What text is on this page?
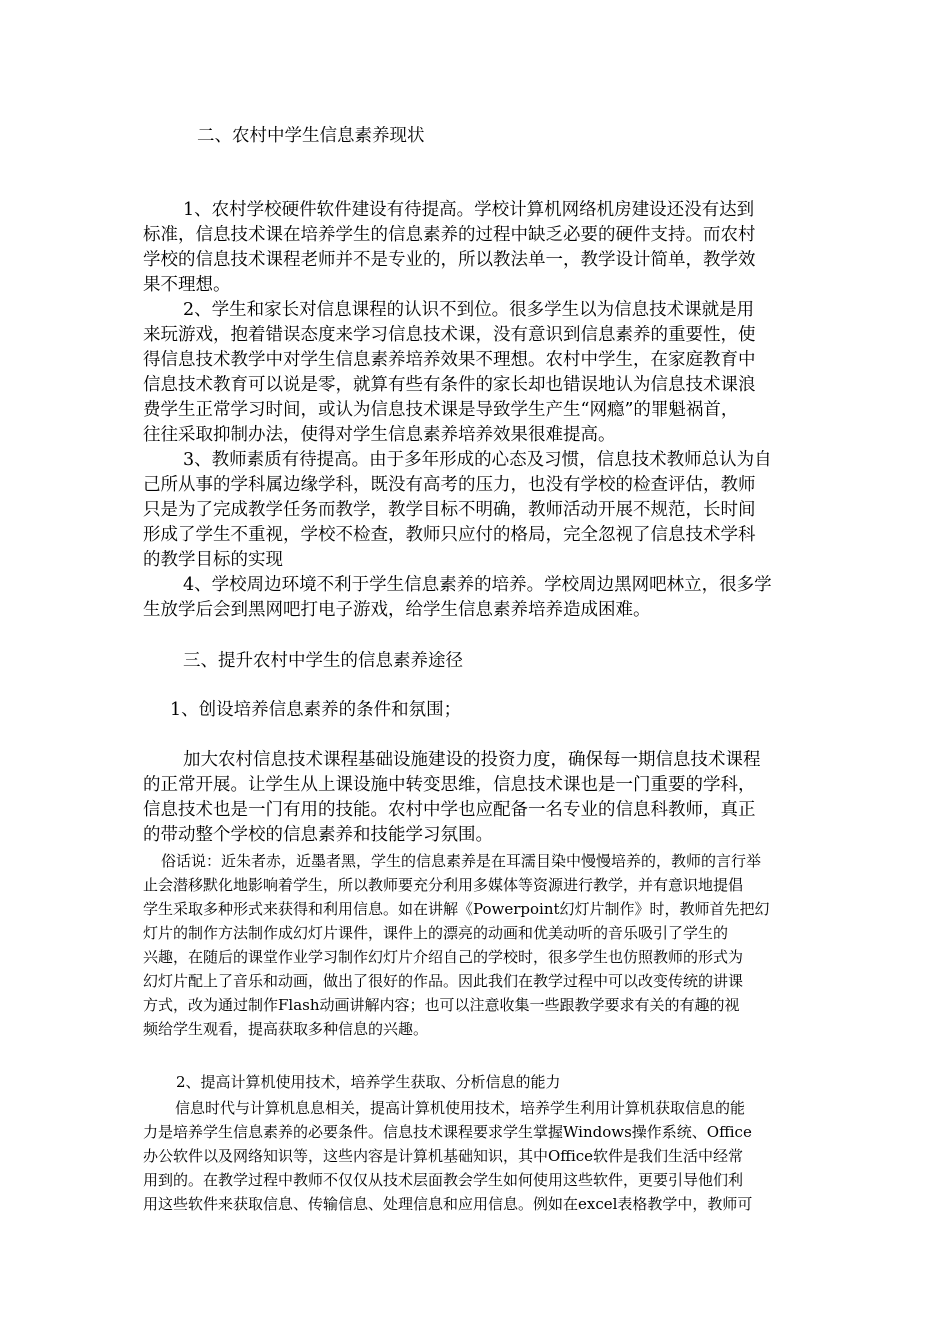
二、农村中学生信息素养现状
1、农村学校硬件软件建设有待提高。学校计算机网络机房建设还没有达到
标准，信息技术课在培养学生的信息素养的过程中缺乏必要的硬件支持。而农村
学校的信息技术课程老师并不是专业的，所以教法单一，教学设计简单，教学效
果不理想。
2、学生和家长对信息课程的认识不到位。很多学生以为信息技术课就是用
来玩游戏，抱着错误态度来学习信息技术课，没有意识到信息素养的重要性，使
得信息技术教学中对学生信息素养培养效果不理想。农村中学生，在家庭教育中
信息技术教育可以说是零，就算有些有条件的家长却也错误地认为信息技术课浪
费学生正常学习时间，或认为信息技术课是导致学生产生“网瘾”的罪魁祸首，
往往采取抑制办法，使得对学生信息素养培养效果很难提高。
3、教师素质有待提高。由于多年形成的心态及习惯，信息技术教师总认为自
己所从事的学科属边缘学科，既没有高考的压力，也没有学校的检查评估，教师
只是为了完成教学任务而教学，教学目标不明确，教师活动开展不规范，长时间
形成了学生不重视，学校不检查，教师只应付的格局，完全忽视了信息技术学科
的教学目标的实现
4、学校周边环境不利于学生信息素养的培养。学校周边黑网吧林立，很多学
生放学后会到黑网吧打电子游戏，给学生信息素养培养造成困难。
三、提升农村中学生的信息素养途径
1、创设培养信息素养的条件和氛围；
加大农村信息技术课程基础设施建设的投资力度，确保每一期信息技术课程
的正常开展。让学生从上课设施中转变思维，信息技术课也是一门重要的学科，
信息技术也是一门有用的技能。农村中学也应配备一名专业的信息科教师，真正
的带动整个学校的信息素养和技能学习氛围。
俗话说：近朱者赤，近墨者黑，学生的信息素养是在耳濡目染中慢慢培养的，教师的言行举
止会潜移默化地影响着学生，所以教师要充分利用多媒体等资源进行教学，并有意识地提倡
学生采取多种形式来获得和利用信息。如在讲解《Powerpoint幻灯片制作》时，教师首先把幻
灯片的制作方法制作成幻灯片课件，课件上的漂亮的动画和优美动听的音乐吸引了学生的
兴趣，在随后的课堂作业学习制作幻灯片介绍自己的学校时，很多学生也仿照教师的形式为
幻灯片配上了音乐和动画，做出了很好的作品。因此我们在教学过程中可以改变传统的讲课
方式，改为通过制作Flash动画讲解内容；也可以注意收集一些跟教学要求有关的有趣的视
频给学生观看，提高获取多种信息的兴趣。
2、提高计算机使用技术，培养学生获取、分析信息的能力
信息时代与计算机息息相关，提高计算机使用技术，培养学生利用计算机获取信息的能
力是培养学生信息素养的必要条件。信息技术课程要求学生掌握Windows操作系统、Office
办公软件以及网络知识等，这些内容是计算机基础知识，其中Office软件是我们生活中经常
用到的。在教学过程中教师不仅仅从技术层面教会学生如何使用这些软件，更要引导他们利
用这些软件来获取信息、传输信息、处理信息和应用信息。例如在excel表格教学中，教师可
